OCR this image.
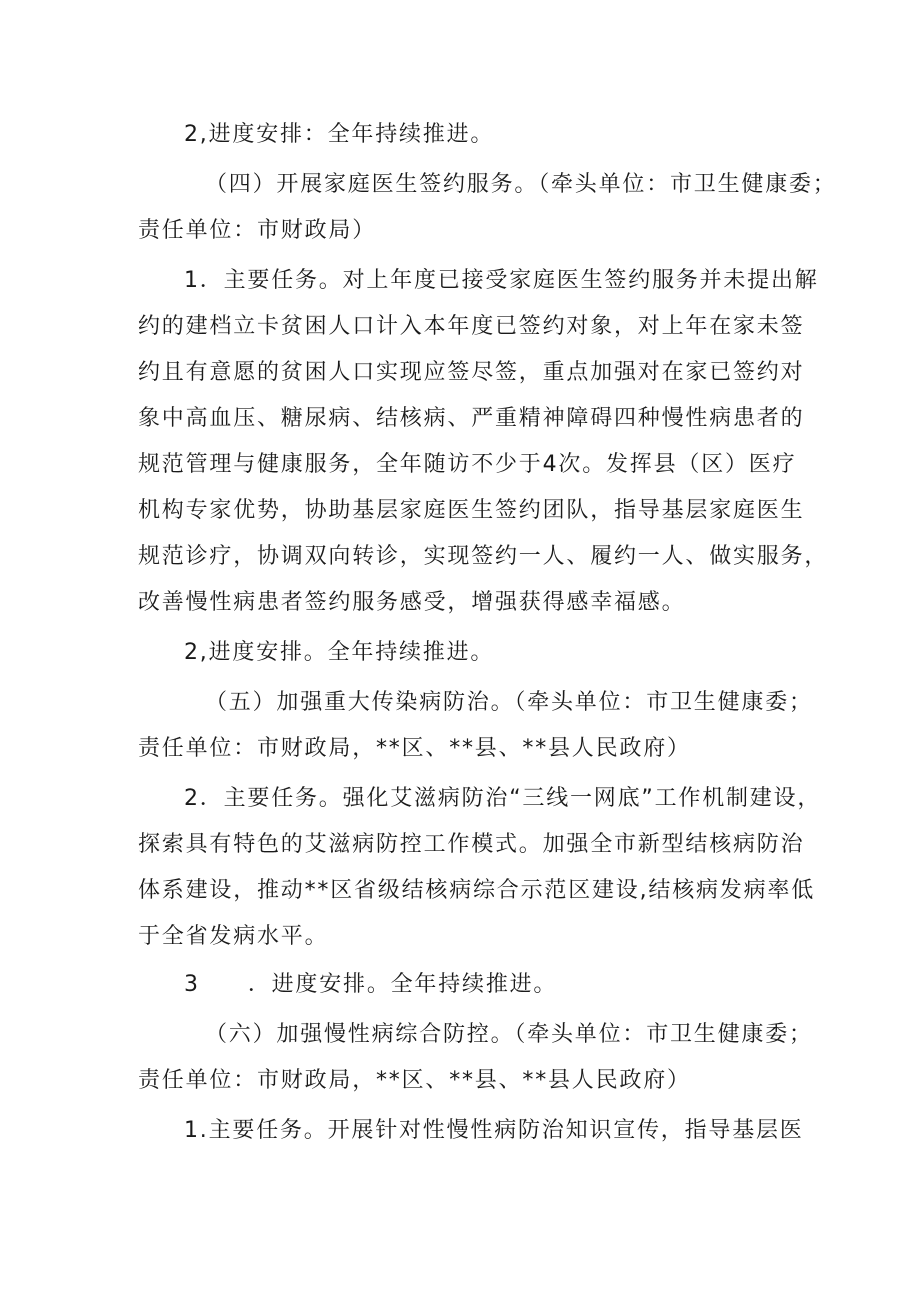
2,进度安排：全年持续推进。
（四）开展家庭医生签约服务。（牵头单位：市卫生健康委；
责任单位：市财政局）
1．主要任务。对上年度已接受家庭医生签约服务并未提出解
约的建档立卡贫困人口计入本年度已签约对象，对上年在家未签
约且有意愿的贫困人口实现应签尽签，重点加强对在家已签约对
象中高血压、糖尿病、结核病、严重精神障碍四种慢性病患者的
规范管理与健康服务，全年随访不少于4次。发挥县（区）医疗
机构专家优势，协助基层家庭医生签约团队，指导基层家庭医生
规范诊疗，协调双向转诊，实现签约一人、履约一人、做实服务，
改善慢性病患者签约服务感受，增强获得感幸福感。
2,进度安排。全年持续推进。
（五）加强重大传染病防治。（牵头单位：市卫生健康委；
责任单位：市财政局，**区、**县、**县人民政府）
2．主要任务。强化艾滋病防治“三线一网底”工作机制建设，
探索具有特色的艾滋病防控工作模式。加强全市新型结核病防治
体系建设，推动**区省级结核病综合示范区建设,结核病发病率低
于全省发病水平。
3 ．进度安排。全年持续推进。
（六）加强慢性病综合防控。（牵头单位：市卫生健康委；
责任单位：市财政局，**区、**县、**县人民政府）
1.主要任务。开展针对性慢性病防治知识宣传，指导基层医
